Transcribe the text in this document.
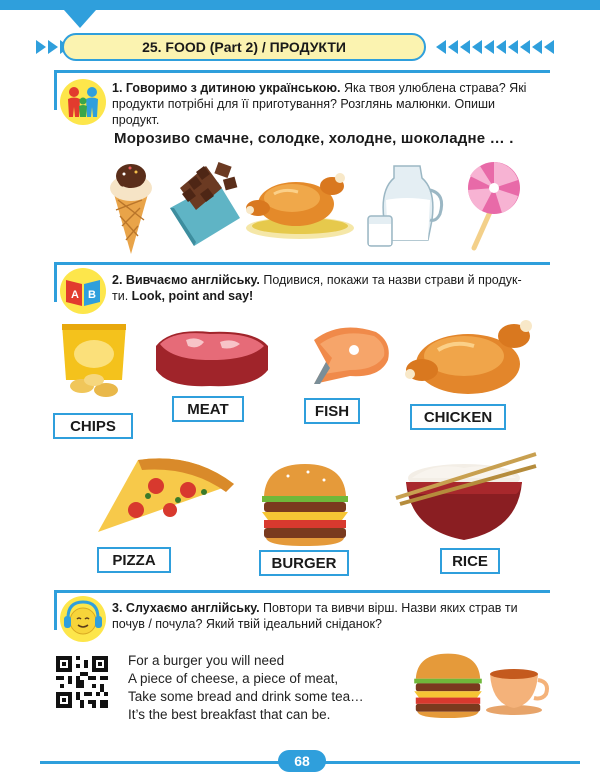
25. FOOD (Part 2) / ПРОДУКТИ
1. Говоримо з дитиною українською. Яка твоя улюблена страва? Які
продукти потрібні для її приготування? Розглянь малюнки. Опиши
продукт.
Морозиво смачне, солодке, холодне, шоколадне … .
A B
2. Вивчаємо англійську. Подивися, покажи та назви страви й продук-
ти. Look, point and say!
CHIPS
MEAT	FISH	CHICKEN
PIZZA	BURGER	RICE
3. Слухаємо англійську. Повтори та вивчи вірш. Назви яких страв ти
почув / почула? Який твій ідеальний сніданок?
For a burger you will need
A piece of cheese, a piece of meat,
Take some bread and drink some tea…
It’s the best breakfast that can be.
68
